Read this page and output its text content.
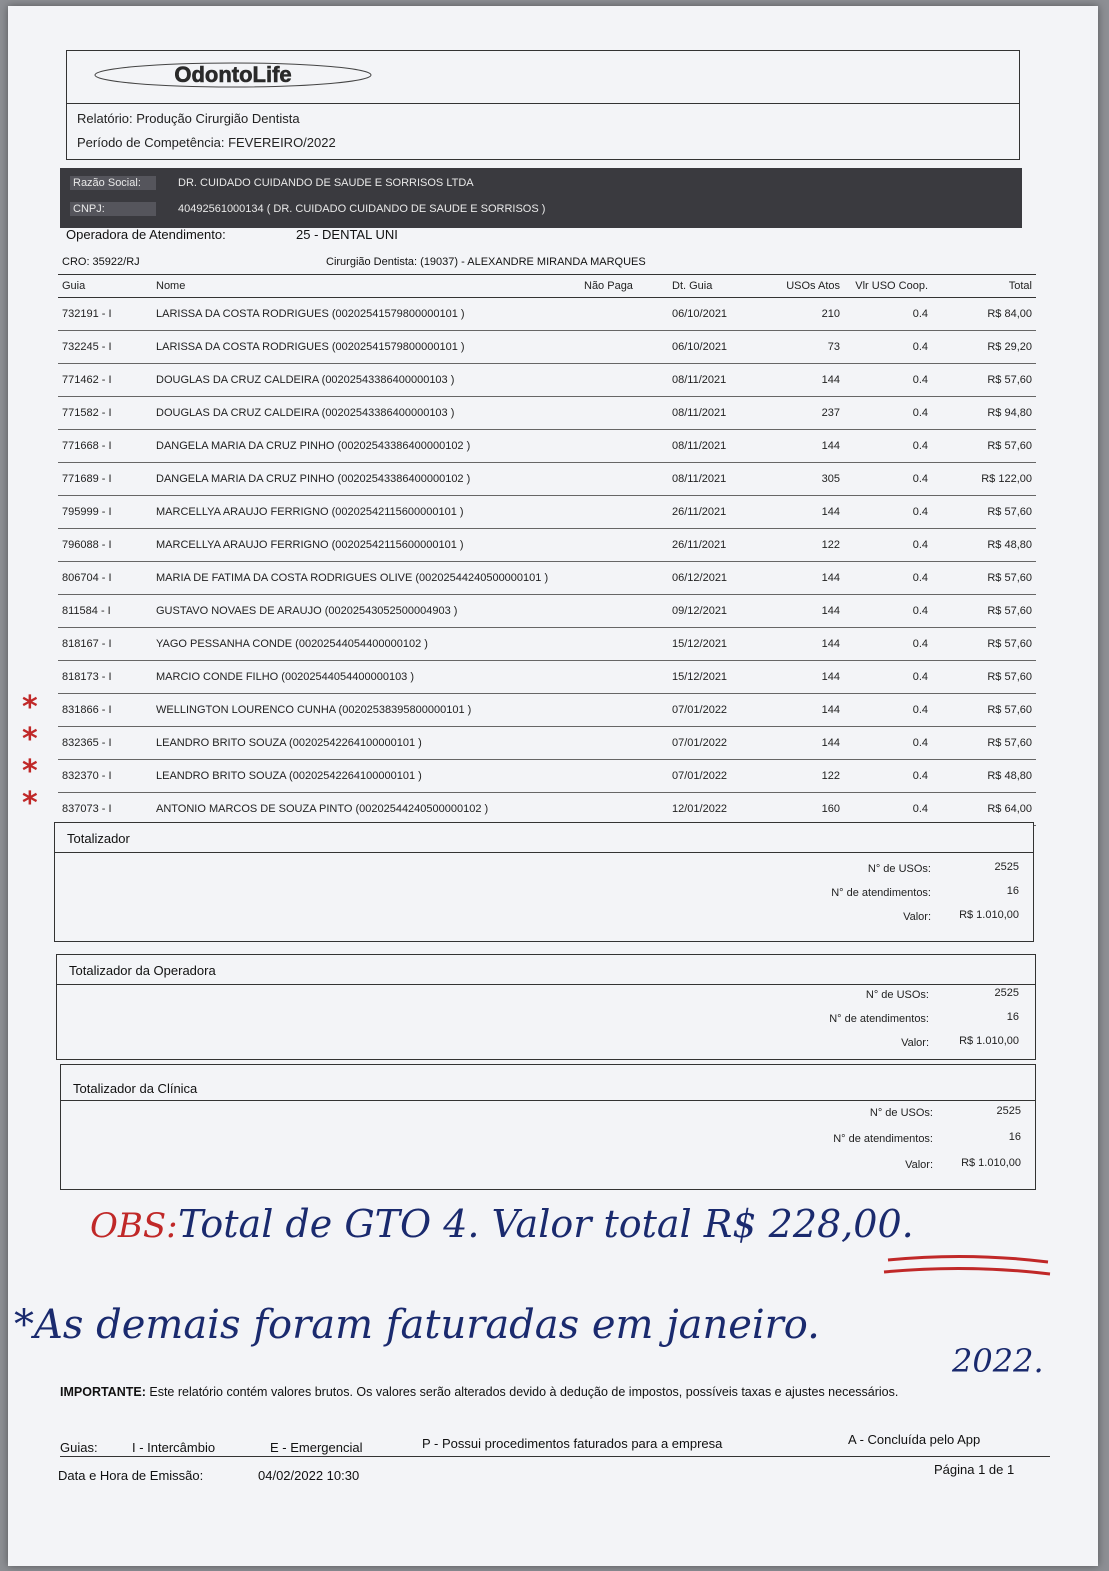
OdontoLife
Relatório: Produção Cirurgião Dentista
Período de Competência: FEVEREIRO/2022
Razão Social:	DR. CUIDADO CUIDANDO DE SAUDE E SORRISOS LTDA
CNPJ:	40492561000134 ( DR. CUIDADO CUIDANDO DE SAUDE E SORRISOS )
Operadora de Atendimento:	25 - DENTAL UNI
CRO: 35922/RJ	Cirurgião Dentista: (19037) - ALEXANDRE MIRANDA MARQUES
Guia	Nome	Não Paga	Dt. Guia	USOs Atos	Vlr USO Coop.	Total
732191 - I	LARISSA DA COSTA RODRIGUES (00202541579800000101 )		06/10/2021	210	0.4	R$ 84,00
732245 - I	LARISSA DA COSTA RODRIGUES (00202541579800000101 )		06/10/2021	73	0.4	R$ 29,20
771462 - I	DOUGLAS DA CRUZ CALDEIRA (00202543386400000103 )		08/11/2021	144	0.4	R$ 57,60
771582 - I	DOUGLAS DA CRUZ CALDEIRA (00202543386400000103 )		08/11/2021	237	0.4	R$ 94,80
771668 - I	DANGELA MARIA DA CRUZ PINHO (00202543386400000102 )		08/11/2021	144	0.4	R$ 57,60
771689 - I	DANGELA MARIA DA CRUZ PINHO (00202543386400000102 )		08/11/2021	305	0.4	R$ 122,00
795999 - I	MARCELLYA ARAUJO FERRIGNO (00202542115600000101 )		26/11/2021	144	0.4	R$ 57,60
796088 - I	MARCELLYA ARAUJO FERRIGNO (00202542115600000101 )		26/11/2021	122	0.4	R$ 48,80
806704 - I	MARIA DE FATIMA DA COSTA RODRIGUES OLIVE (00202544240500000101 )		06/12/2021	144	0.4	R$ 57,60
811584 - I	GUSTAVO NOVAES DE ARAUJO (00202543052500004903 )		09/12/2021	144	0.4	R$ 57,60
818167 - I	YAGO PESSANHA CONDE (00202544054400000102 )		15/12/2021	144	0.4	R$ 57,60
818173 - I	MARCIO CONDE FILHO (00202544054400000103 )		15/12/2021	144	0.4	R$ 57,60
831866 - I	WELLINGTON LOURENCO CUNHA (00202538395800000101 )		07/01/2022	144	0.4	R$ 57,60
832365 - I	LEANDRO BRITO SOUZA (00202542264100000101 )		07/01/2022	144	0.4	R$ 57,60
832370 - I	LEANDRO BRITO SOUZA (00202542264100000101 )		07/01/2022	122	0.4	R$ 48,80
837073 - I	ANTONIO MARCOS DE SOUZA PINTO (00202544240500000102 )		12/01/2022	160	0.4	R$ 64,00
*
*
*
*
Totalizador
N° de USOs:	2525
N° de atendimentos:	16
Valor:	R$ 1.010,00
Totalizador da Operadora
N° de USOs:	2525
N° de atendimentos:	16
Valor:	R$ 1.010,00
Totalizador da Clínica
N° de USOs:	2525
N° de atendimentos:	16
Valor:	R$ 1.010,00
OBS: Total de GTO 4. Valor total R$ 228,00.
*As demais foram faturadas em janeiro.
2022.
IMPORTANTE: Este relatório contém valores brutos. Os valores serão alterados devido à dedução de impostos, possíveis taxas e ajustes necessários.
Guias:	I - Intercâmbio	E - Emergencial	P - Possui procedimentos faturados para a empresa	A - Concluída pelo App
Data e Hora de Emissão:	04/02/2022 10:30	Página 1 de 1
